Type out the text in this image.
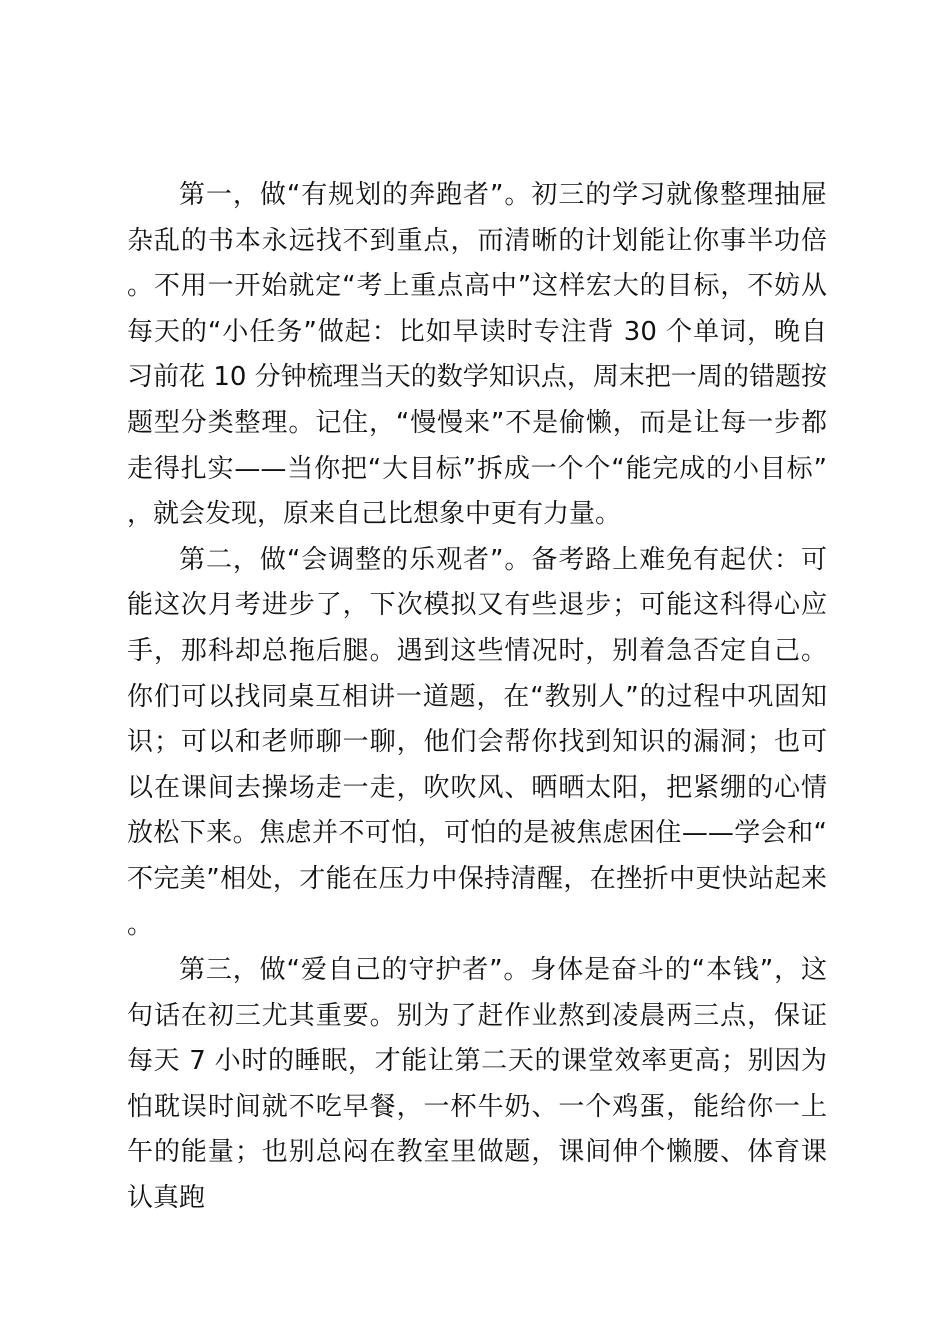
第一，做“有规划的奔跑者”。初三的学习就像整理抽屉杂乱的书本永远找不到重点，而清晰的计划能让你事半功倍。不用一开始就定“考上重点高中”这样宏大的目标，不妨从每天的“小任务”做起：比如早读时专注背 30 个单词，晚自习前花 10 分钟梳理当天的数学知识点，周末把一周的错题按题型分类整理。记住，“慢慢来”不是偷懒，而是让每一步都走得扎实——当你把“大目标”拆成一个个“能完成的小目标”，就会发现，原来自己比想象中更有力量。

第二，做“会调整的乐观者”。备考路上难免有起伏：可能这次月考进步了，下次模拟又有些退步；可能这科得心应手，那科却总拖后腿。遇到这些情况时，别着急否定自己。你们可以找同桌互相讲一道题，在“教别人”的过程中巩固知识；可以和老师聊一聊，他们会帮你找到知识的漏洞；也可以在课间去操场走一走，吹吹风、晒晒太阳，把紧绷的心情放松下来。焦虑并不可怕，可怕的是被焦虑困住——学会和“不完美”相处，才能在压力中保持清醒，在挫折中更快站起来。

第三，做“爱自己的守护者”。身体是奋斗的“本钱”，这句话在初三尤其重要。别为了赶作业熬到凌晨两三点，保证每天 7 小时的睡眠，才能让第二天的课堂效率更高；别因为怕耽误时间就不吃早餐，一杯牛奶、一个鸡蛋，能给你一上午的能量；也别总闷在教室里做题，课间伸个懒腰、体育课认真跑
